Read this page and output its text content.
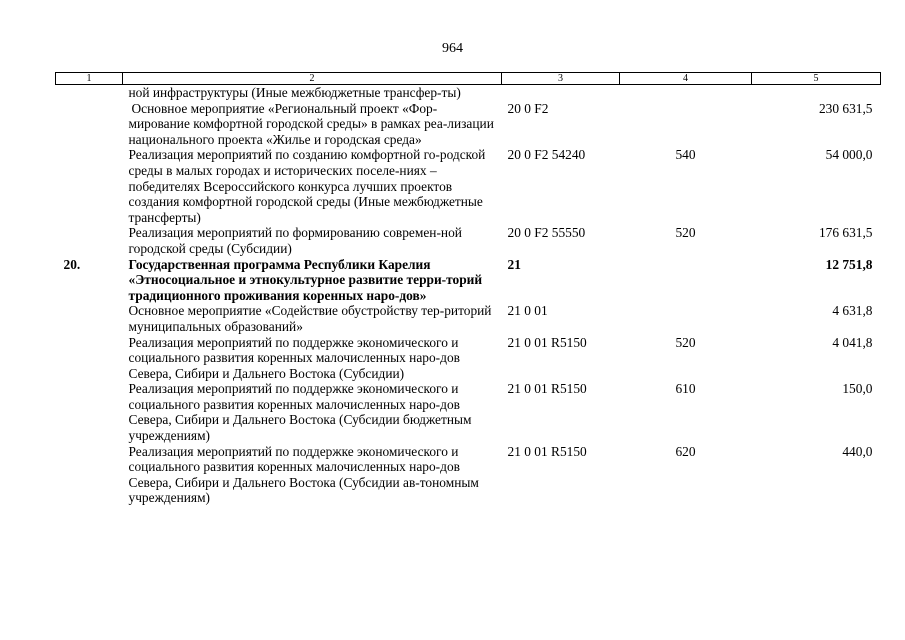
964
1	2	3	4	5
	ной инфраструктуры (Иные межбюджетные трансфер-ты)			
	Основное мероприятие «Региональный проект «Фор-мирование комфортной городской среды» в рамках реа-лизации национального проекта «Жилье и городская среда»	20 0 F2		230 631,5
	Реализация мероприятий по созданию комфортной го-родской среды в малых городах и исторических поселе-ниях – победителях Всероссийского конкурса лучших проектов создания комфортной городской среды (Иные межбюджетные трансферты)	20 0 F2 54240	540	54 000,0
	Реализация мероприятий по формированию современ-ной городской среды (Субсидии)	20 0 F2 55550	520	176 631,5
20.	Государственная программа Республики Карелия «Этносоциальное и этнокультурное развитие терри-торий традиционного проживания коренных наро-дов»	21		12 751,8
	Основное мероприятие «Содействие обустройству тер-риторий муниципальных образований»	21 0 01		4 631,8
	Реализация мероприятий по поддержке экономического и социального развития коренных малочисленных наро-дов Севера, Сибири и Дальнего Востока (Субсидии)	21 0 01 R5150	520	4 041,8
	Реализация мероприятий по поддержке экономического и социального развития коренных малочисленных наро-дов Севера, Сибири и Дальнего Востока (Субсидии бюджетным учреждениям)	21 0 01 R5150	610	150,0
	Реализация мероприятий по поддержке экономического и социального развития коренных малочисленных наро-дов Севера, Сибири и Дальнего Востока (Субсидии ав-тономным учреждениям)	21 0 01 R5150	620	440,0
